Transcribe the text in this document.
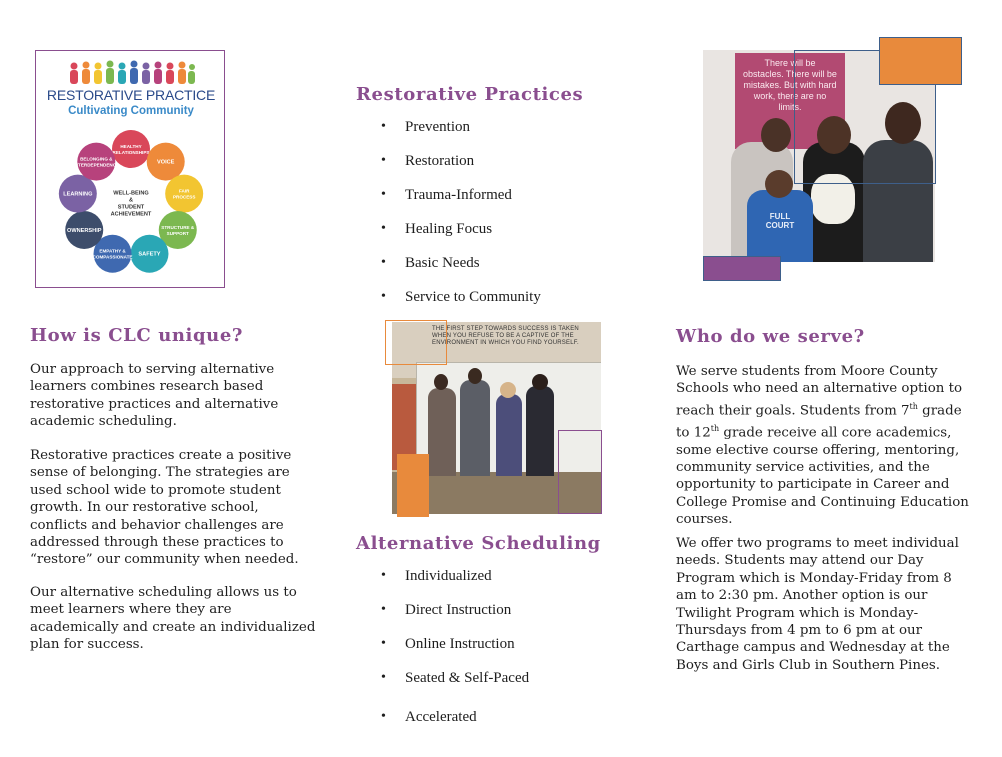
RESTORATIVE PRACTICE
Cultivating Community
HEALTHY
RELATIONSHIPS
VOICE
FAIR
PROCESS
STRUCTURE &
SUPPORT
SAFETY
EMPATHY &
COMPASSIONATE
OWNERSHIP
LEARNING
BELONGING &
INTERDEPENDENCE
WELL-BEING
&
STUDENT
ACHIEVEMENT
How is CLC unique?
Our approach to serving alternative learners combines research based restorative practices and alternative academic scheduling.
Restorative practices create a positive sense of belonging. The strategies are used school wide to promote student growth. In our restorative school, conflicts and behavior challenges are addressed through these practices to “restore” our community when needed.
Our alternative scheduling allows us to meet learners where they are academically and create an individualized plan for success.
Restorative Practices
• Prevention
• Restoration
• Trauma-Informed
• Healing Focus
• Basic Needs
• Service to Community
THE FIRST STEP TOWARDS SUCCESS IS TAKEN WHEN YOU REFUSE TO BE A CAPTIVE OF THE ENVIRONMENT IN WHICH YOU FIND YOURSELF.
Alternative Scheduling
• Individualized
• Direct Instruction
• Online Instruction
• Seated & Self-Paced
• Accelerated
There will be obstacles. There will be mistakes. But with hard work, there are no limits.
FULL COURT
Who do we serve?
We serve students from Moore County Schools who need an alternative option to reach their goals. Students from 7th grade to 12th grade receive all core academics, some elective course offering, mentoring, community service activities, and the opportunity to participate in Career and College Promise and Continuing Education courses.
We offer two programs to meet individual needs. Students may attend our Day Program which is Monday-Friday from 8 am to 2:30 pm. Another option is our Twilight Program which is Monday-Thursdays from 4 pm to 6 pm at our Carthage campus and Wednesday at the Boys and Girls Club in Southern Pines.
